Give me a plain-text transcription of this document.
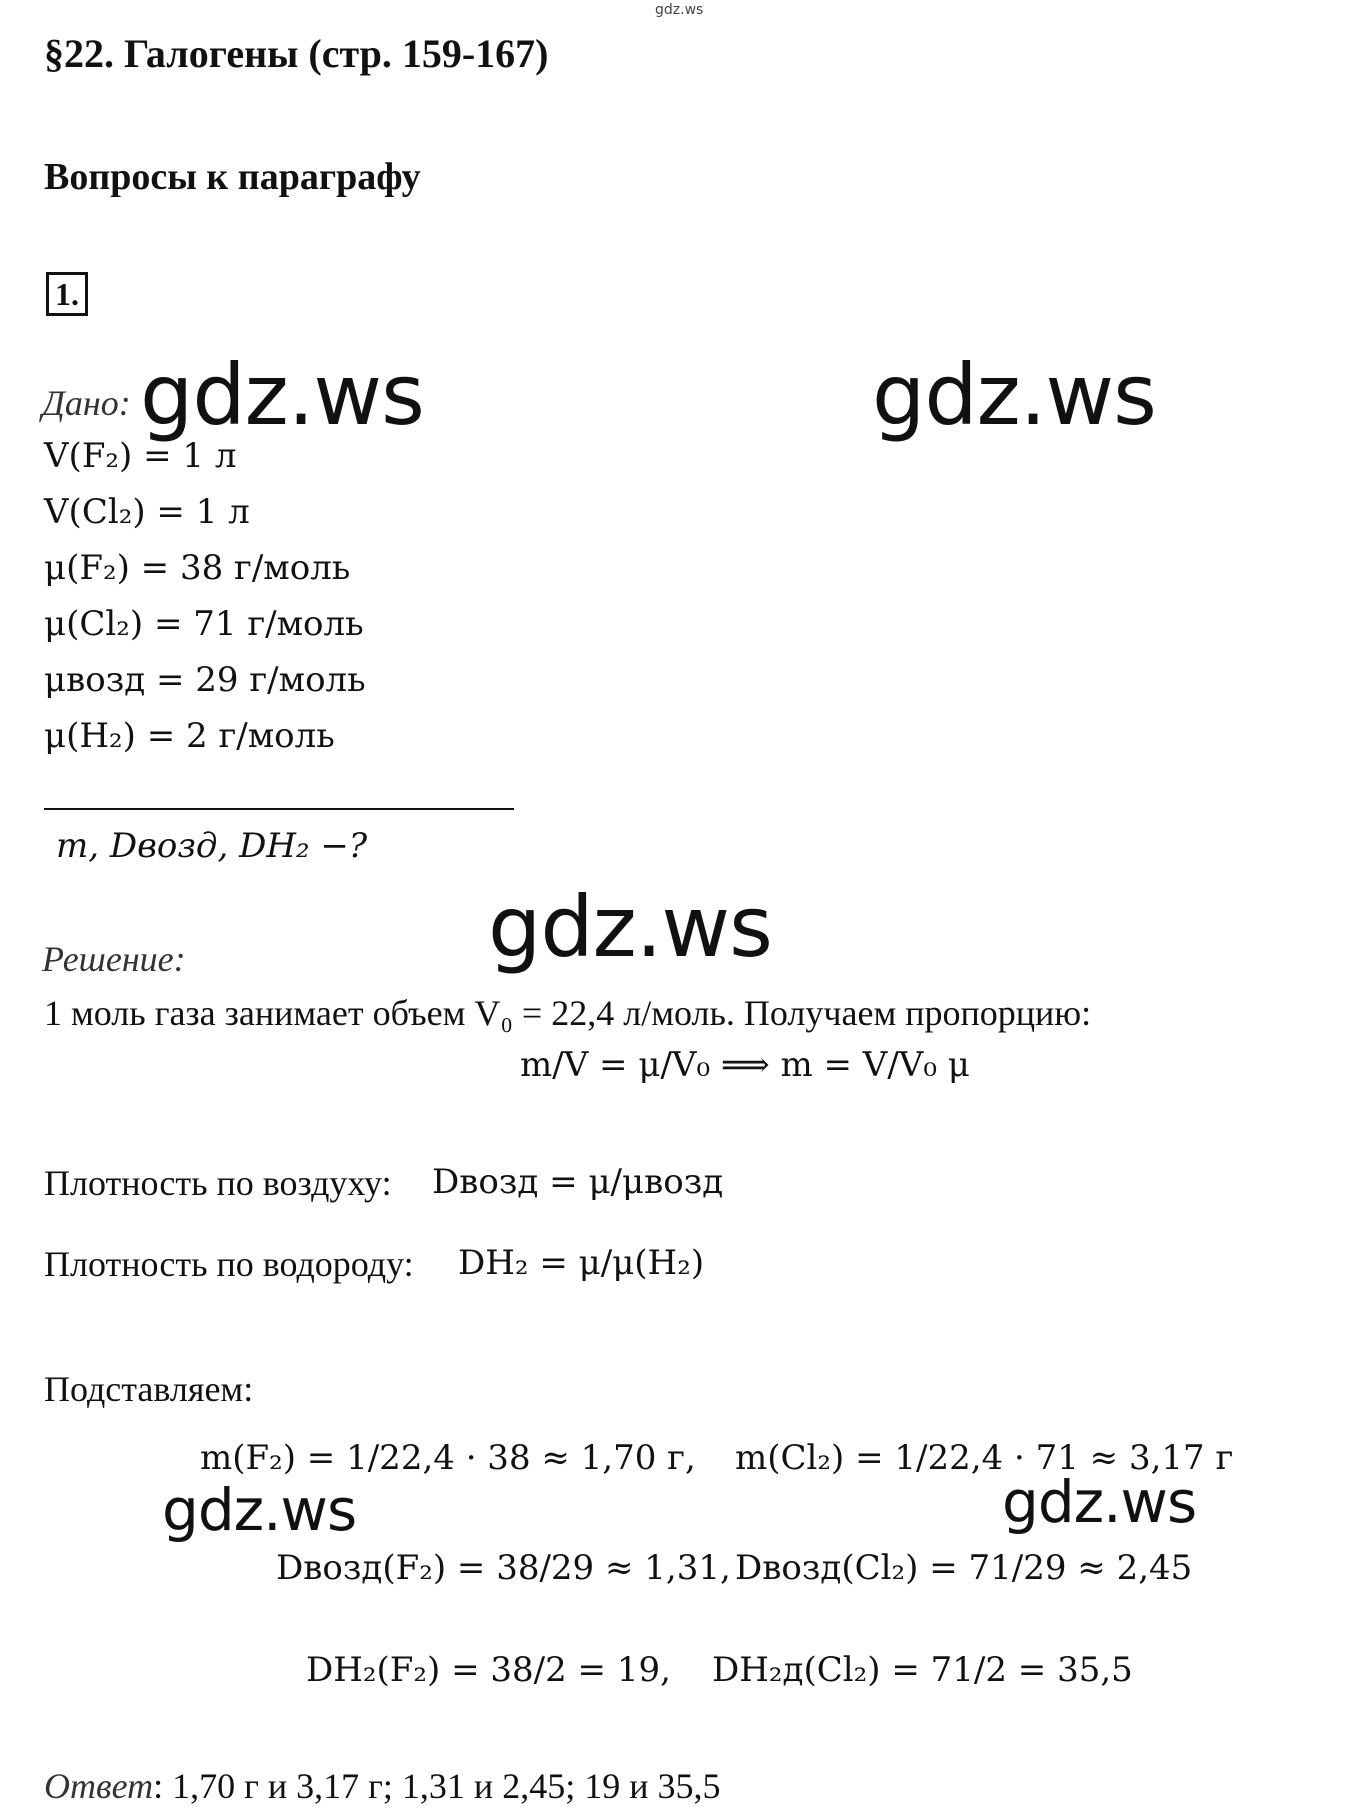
gdz.ws
§22. Галогены (стр. 159-167)
Вопросы к параграфу
1.
gdz.ws	gdz.ws
gdz.ws
gdz.ws	gdz.ws
Дано:
V(F₂) = 1 л
V(Cl₂) = 1 л
μ(F₂) = 38 г/моль
μ(Cl₂) = 71 г/моль
μвозд = 29 г/моль
μ(H₂) = 2 г/моль
m, Dвозд, DH₂ −?
Решение:
1 моль газа занимает объем V₀ = 22,4 л/моль. Получаем пропорцию:
m/V = μ/V₀ ⟹ m = V/V₀ μ
Плотность по воздуху: Dвозд = μ/μвозд
Плотность по водороду: DH₂ = μ/μ(H₂)
Подставляем:
m(F₂) = 1/22,4 · 38 ≈ 1,70 г, m(Cl₂) = 1/22,4 · 71 ≈ 3,17 г
Dвозд(F₂) = 38/29 ≈ 1,31, Dвозд(Cl₂) = 71/29 ≈ 2,45
DH₂(F₂) = 38/2 = 19, DH₂д(Cl₂) = 71/2 = 35,5
Ответ: 1,70 г и 3,17 г; 1,31 и 2,45; 19 и 35,5
